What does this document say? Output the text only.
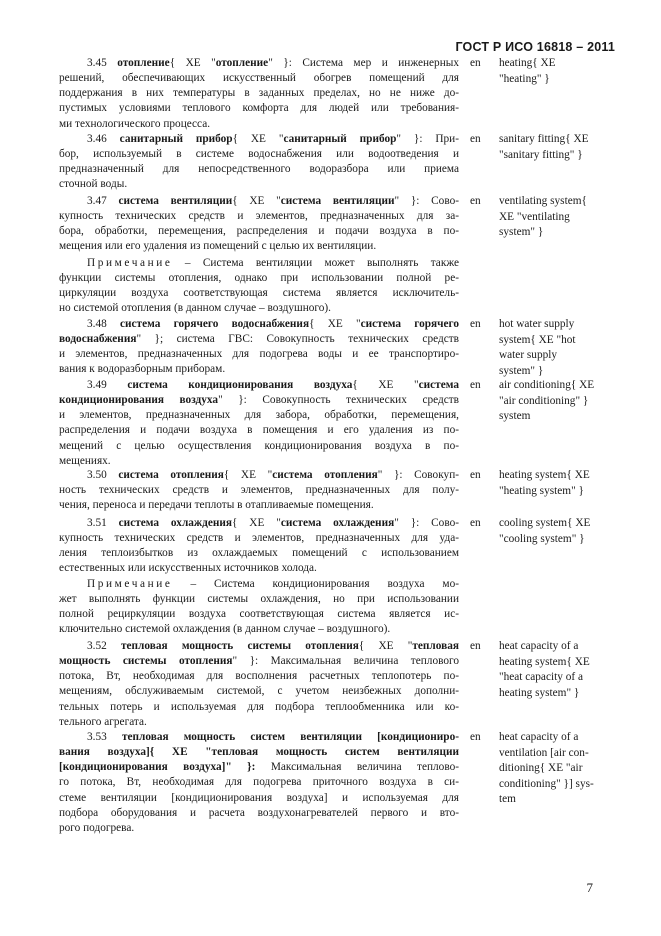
ГОСТ Р ИСО 16818 – 2011
3.45 отопление{ XE "отопление" }: Система мер и инженерных
решений, обеспечивающих искусственный обогрев помещений для
поддержания в них температуры в заданных пределах, но не ниже до-
пустимых условиями теплового комфорта для людей или требования-
ми технологического процесса.
en heating{ XE
"heating" }
3.46 санитарный прибор{ XE "санитарный прибор" }: При-
бор, используемый в системе водоснабжения или водоотведения и
предназначенный для непосредственного водоразбора или приема
сточной воды.
en sanitary fitting{ XE
"sanitary fitting" }
3.47 система вентиляции{ XE "система вентиляции" }: Сово-
купность технических средств и элементов, предназначенных для за-
бора, обработки, перемещения, распределения и подачи воздуха в по-
мещения или его удаления из помещений с целью их вентиляции.
en ventilating system{
XE "ventilating
system" }
Примечание – Система вентиляции может выполнять также
функции системы отопления, однако при использовании полной ре-
циркуляции воздуха соответствующая система является исключитель-
но системой отопления (в данном случае – воздушного).
3.48 система горячего водоснабжения{ XE "система горячего
водоснабжения" }; система ГВС: Совокупность технических средств
и элементов, предназначенных для подогрева воды и ее транспортиро-
вания к водоразборным приборам.
en hot water supply
system{ XE "hot
water supply
system" }
3.49 система кондиционирования воздуха{ XE "система
кондиционирования воздуха" }: Совокупность технических средств
и элементов, предназначенных для забора, обработки, перемещения,
распределения и подачи воздуха в помещения и его удаления из по-
мещений с целью осуществления кондиционирования воздуха в по-
мещениях.
en air conditioning{ XE
"air conditioning" }
system
3.50 система отопления{ XE "система отопления" }: Совокуп-
ность технических средств и элементов, предназначенных для полу-
чения, переноса и передачи теплоты в отапливаемые помещения.
en heating system{ XE
"heating system" }
3.51 система охлаждения{ XE "система охлаждения" }: Сово-
купность технических средств и элементов, предназначенных для уда-
ления теплоизбытков из охлаждаемых помещений с использованием
естественных или искусственных источников холода.
en cooling system{ XE
"cooling system" }
Примечание – Система кондиционирования воздуха мо-
жет выполнять функции системы охлаждения, но при использовании
полной рециркуляции воздуха соответствующая система является ис-
ключительно системой охлаждения (в данном случае – воздушного).
3.52 тепловая мощность системы отопления{ XE "тепловая
мощность системы отопления" }: Максимальная величина теплового
потока, Вт, необходимая для восполнения расчетных теплопотерь по-
мещениям, обслуживаемым системой, с учетом неизбежных дополни-
тельных потерь и используемая для подбора теплообменника или ко-
тельного агрегата.
en heat capacity of a
heating system{ XE
"heat capacity of a
heating system" }
3.53 тепловая мощность систем вентиляции [кондициониро-
вания воздуха]{ XE "тепловая мощность систем вентиляции
[кондиционирования воздуха]" }: Максимальная величина теплово-
го потока, Вт, необходимая для подогрева приточного воздуха в си-
стеме вентиляции [кондиционирования воздуха] и используемая для
подбора оборудования и расчета воздухонагревателей первого и вто-
рого подогрева.
en heat capacity of a
ventilation [air con-
ditioning{ XE "air
conditioning" }] sys-
tem
7
